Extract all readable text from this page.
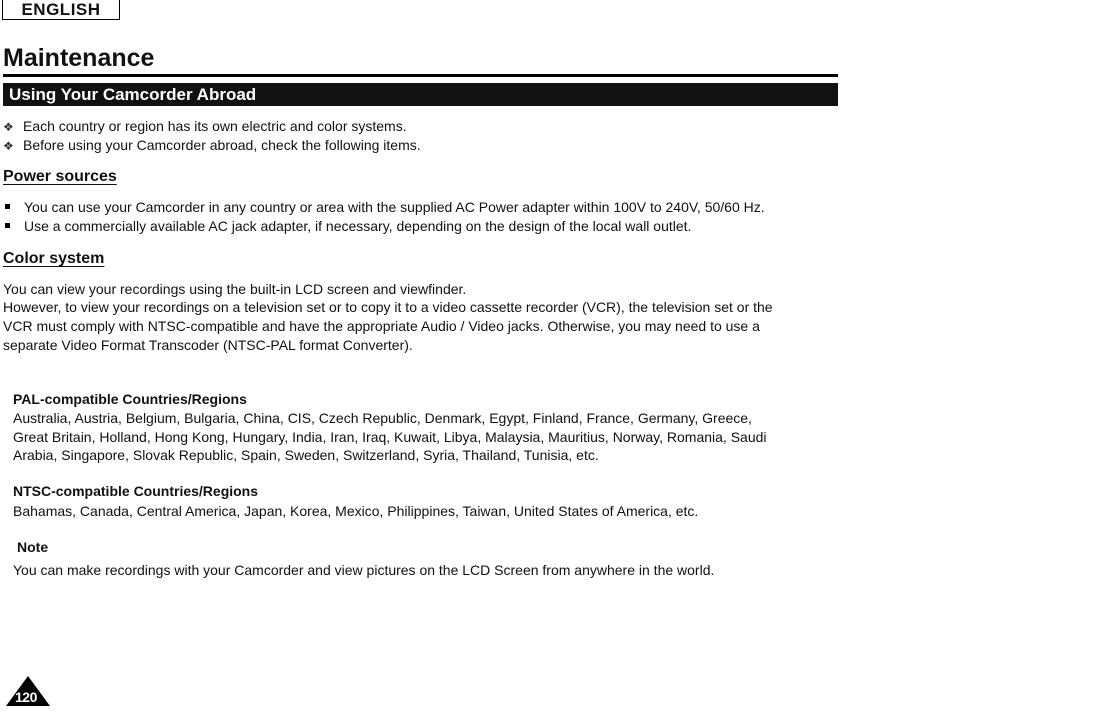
ENGLISH
Maintenance
Using Your Camcorder Abroad
❖ Each country or region has its own electric and color systems.
❖ Before using your Camcorder abroad, check the following items.
Power sources
You can use your Camcorder in any country or area with the supplied AC Power adapter within 100V to 240V, 50/60 Hz.
Use a commercially available AC jack adapter, if necessary, depending on the design of the local wall outlet.
Color system
You can view your recordings using the built-in LCD screen and viewfinder.
However, to view your recordings on a television set or to copy it to a video cassette recorder (VCR), the television set or the
VCR must comply with NTSC-compatible and have the appropriate Audio / Video jacks. Otherwise, you may need to use a
separate Video Format Transcoder (NTSC-PAL format Converter).
PAL-compatible Countries/Regions
Australia, Austria, Belgium, Bulgaria, China, CIS, Czech Republic, Denmark, Egypt, Finland, France, Germany, Greece,
Great Britain, Holland, Hong Kong, Hungary, India, Iran, Iraq, Kuwait, Libya, Malaysia, Mauritius, Norway, Romania, Saudi
Arabia, Singapore, Slovak Republic, Spain, Sweden, Switzerland, Syria, Thailand, Tunisia, etc.
NTSC-compatible Countries/Regions
Bahamas, Canada, Central America, Japan, Korea, Mexico, Philippines, Taiwan, United States of America, etc.
Note
You can make recordings with your Camcorder and view pictures on the LCD Screen from anywhere in the world.
120
